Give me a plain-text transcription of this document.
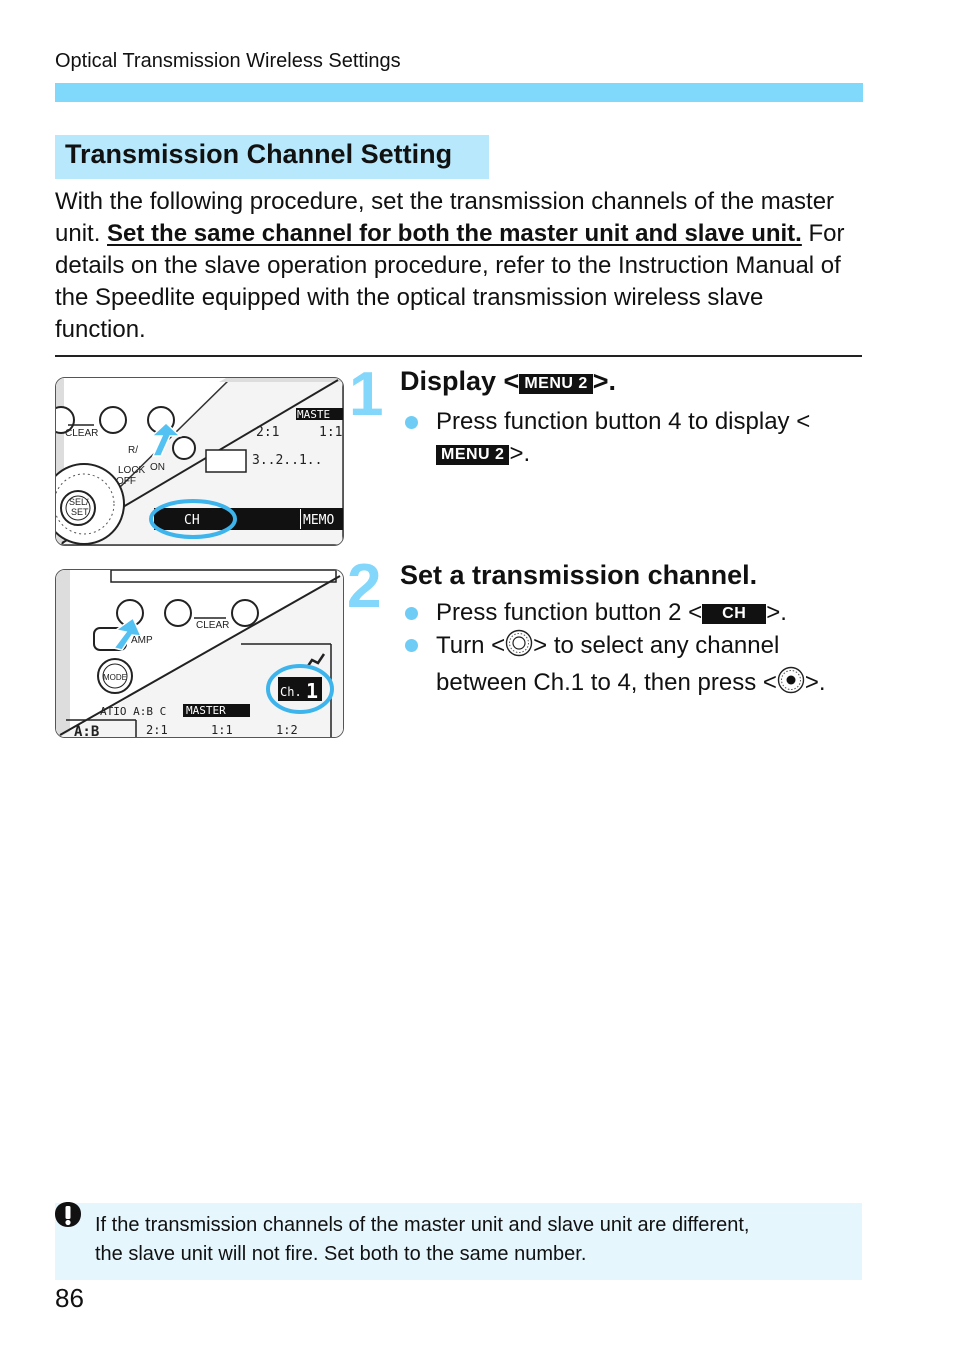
Optical Transmission Wireless Settings
Transmission Channel Setting
With the following procedure, set the transmission channels of the master unit. Set the same channel for both the master unit and slave unit. For details on the slave operation procedure, refer to the Instruction Manual of the Speedlite equipped with the optical transmission wireless slave function.
CLEAR
R/
LOCK ON
OFF
SEL/
SET
MASTE
2:1	1:1
3..2..1..
CH	MEMO
1 Display < MENU 2 >.
Press function button 4 to display <MENU 2 >.
CLEAR
AMP
MODE
ATIO A:B C MASTER
A:B	2:1	1:1	1:2
Ch. 1
2 Set a transmission channel.
Press function button 2 < CH >.
Turn < > to select any channel
between Ch.1 to 4, then press < >.
If the transmission channels of the master unit and slave unit are different,
the slave unit will not fire. Set both to the same number.
86
